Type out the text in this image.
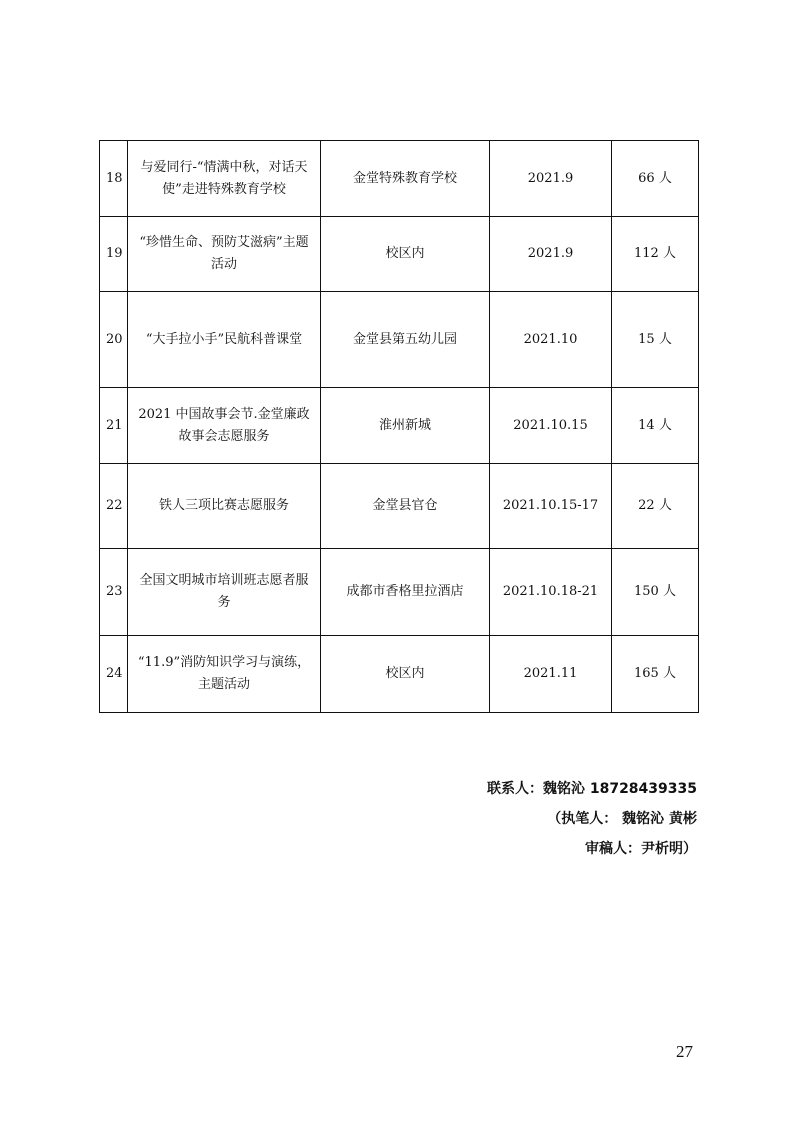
18	与爱同行-“情满中秋，对话天使”走进特殊教育学校	金堂特殊教育学校	2021.9	66 人
19	“珍惜生命、预防艾滋病”主题活动	校区内	2021.9	112 人
20	“大手拉小手”民航科普课堂	金堂县第五幼儿园	2021.10	15 人
21	2021 中国故事会节.金堂廉政故事会志愿服务	淮州新城	2021.10.15	14 人
22	铁人三项比赛志愿服务	金堂县官仓	2021.10.15-17	22 人
23	全国文明城市培训班志愿者服务	成都市香格里拉酒店	2021.10.18-21	150 人
24	“11.9”消防知识学习与演练，主题活动	校区内	2021.11	165 人
联系人：魏铭沁 18728439335
（执笔人： 魏铭沁 黄彬
审稿人：尹析明）
27
